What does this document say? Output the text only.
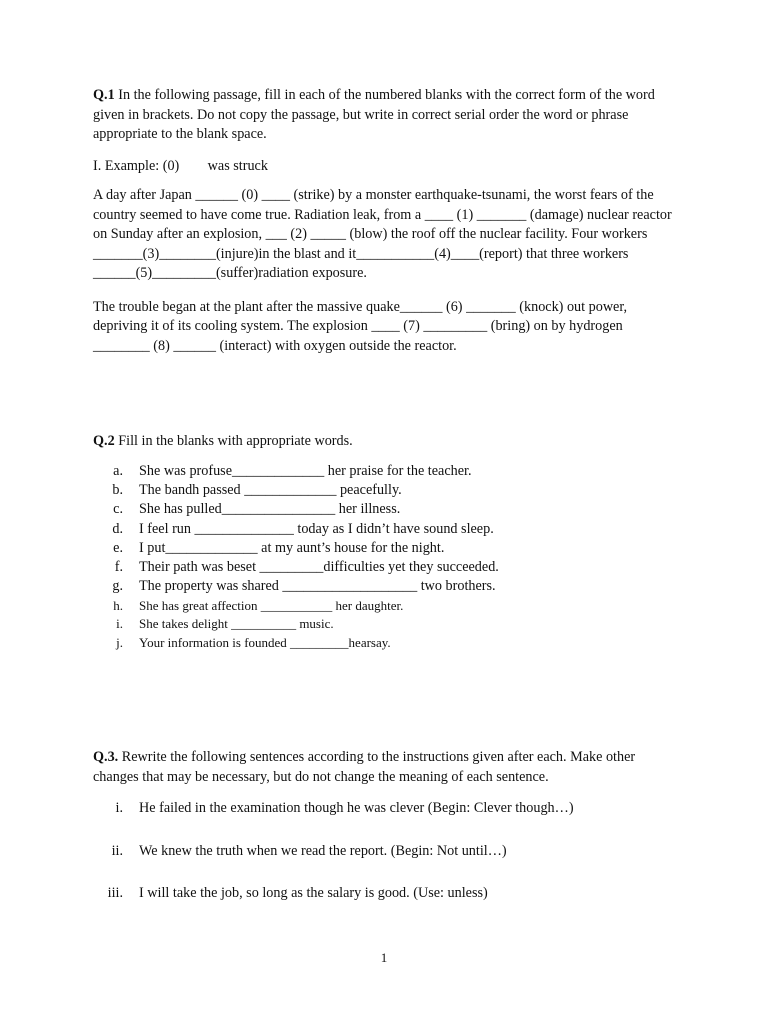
Q.1 In the following passage, fill in each of the numbered blanks with the correct form of the word given in brackets. Do not copy the passage, but write in correct serial order the word or phrase appropriate to the blank space.

I. Example: (0)        was struck

A day after Japan ______ (0) ____ (strike) by a monster earthquake-tsunami, the worst fears of the country seemed to have come true. Radiation leak, from a ____ (1) _______ (damage) nuclear reactor on Sunday after an explosion, ___ (2) _____ (blow) the roof off the nuclear facility. Four workers _______(3)________(injure)in the blast and it___________(4)____(report) that three workers ______(5)_________(suffer)radiation exposure.

The trouble began at the plant after the massive quake______ (6) _______ (knock) out power, depriving it of its cooling system. The explosion ____ (7) _________ (bring) on by hydrogen ________ (8) ______ (interact) with oxygen outside the reactor.

Q.2 Fill in the blanks with appropriate words.

a. She was profuse_____________ her praise for the teacher.
b. The bandh passed _____________ peacefully.
c. She has pulled________________ her illness.
d. I feel run ______________ today as I didn’t have sound sleep.
e. I put_____________ at my aunt’s house for the night.
f. Their path was beset _________difficulties yet they succeeded.
g. The property was shared ___________________ two brothers.
h. She has great affection ___________ her daughter.
i. She takes delight __________ music.
j. Your information is founded _________hearsay.

Q.3. Rewrite the following sentences according to the instructions given after each. Make other changes that may be necessary, but do not change the meaning of each sentence.

i. He failed in the examination though he was clever (Begin: Clever though…)
ii. We knew the truth when we read the report. (Begin: Not until…)
iii. I will take the job, so long as the salary is good. (Use: unless)
1
